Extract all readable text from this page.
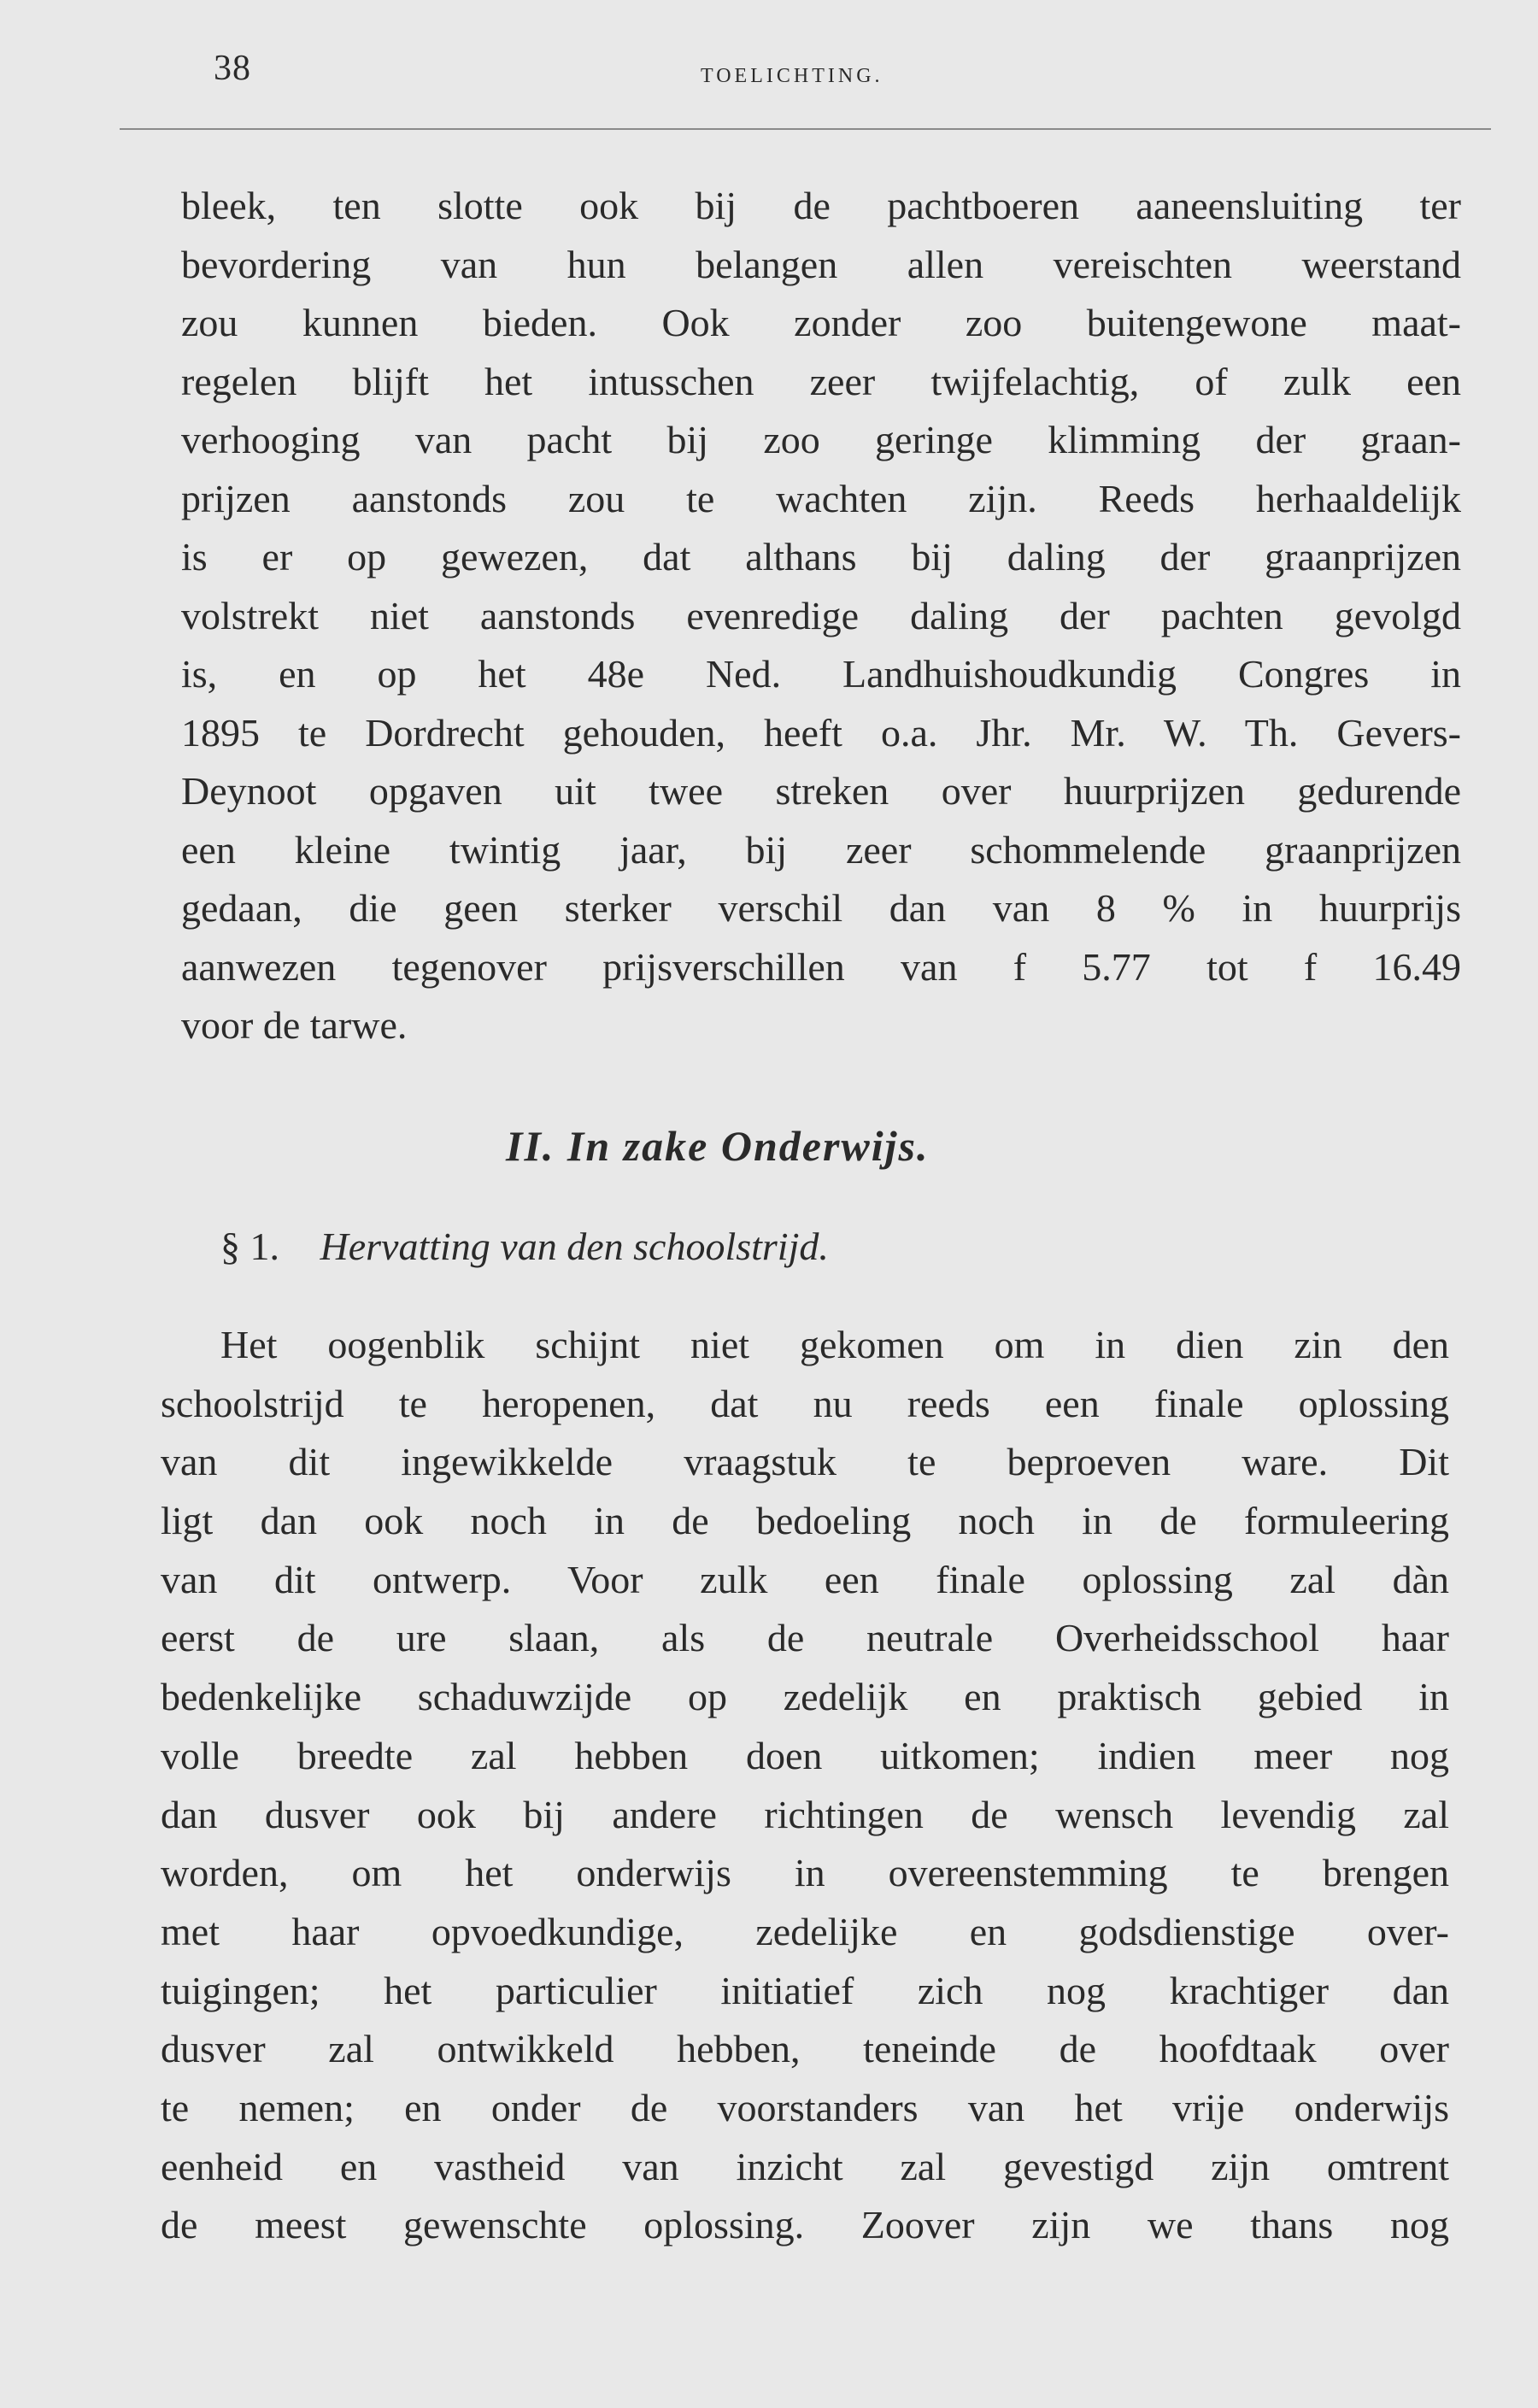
38	TOELICHTING.
bleek, ten slotte ook bij de pachtboeren aaneensluiting ter
bevordering van hun belangen allen vereischten weerstand
zou kunnen bieden. Ook zonder zoo buitengewone maat-
regelen blijft het intusschen zeer twijfelachtig, of zulk een
verhooging van pacht bij zoo geringe klimming der graan-
prijzen aanstonds zou te wachten zijn. Reeds herhaaldelijk
is er op gewezen, dat althans bij daling der graanprijzen
volstrekt niet aanstonds evenredige daling der pachten gevolgd
is, en op het 48e Ned. Landhuishoudkundig Congres in
1895 te Dordrecht gehouden, heeft o.a. Jhr. Mr. W. Th. Gevers-
Deynoot opgaven uit twee streken over huurprijzen gedurende
een kleine twintig jaar, bij zeer schommelende graanprijzen
gedaan, die geen sterker verschil dan van 8 % in huurprijs
aanwezen tegenover prijsverschillen van f 5.77 tot f 16.49
voor de tarwe.
II. In zake Onderwijs.
§ 1. Hervatting van den schoolstrijd.
Het oogenblik schijnt niet gekomen om in dien zin den
schoolstrijd te heropenen, dat nu reeds een finale oplossing
van dit ingewikkelde vraagstuk te beproeven ware. Dit
ligt dan ook noch in de bedoeling noch in de formuleering
van dit ontwerp. Voor zulk een finale oplossing zal dàn
eerst de ure slaan, als de neutrale Overheidsschool haar
bedenkelijke schaduwzijde op zedelijk en praktisch gebied in
volle breedte zal hebben doen uitkomen; indien meer nog
dan dusver ook bij andere richtingen de wensch levendig zal
worden, om het onderwijs in overeenstemming te brengen
met haar opvoedkundige, zedelijke en godsdienstige over-
tuigingen; het particulier initiatief zich nog krachtiger dan
dusver zal ontwikkeld hebben, teneinde de hoofdtaak over
te nemen; en onder de voorstanders van het vrije onderwijs
eenheid en vastheid van inzicht zal gevestigd zijn omtrent
de meest gewenschte oplossing. Zoover zijn we thans nog
